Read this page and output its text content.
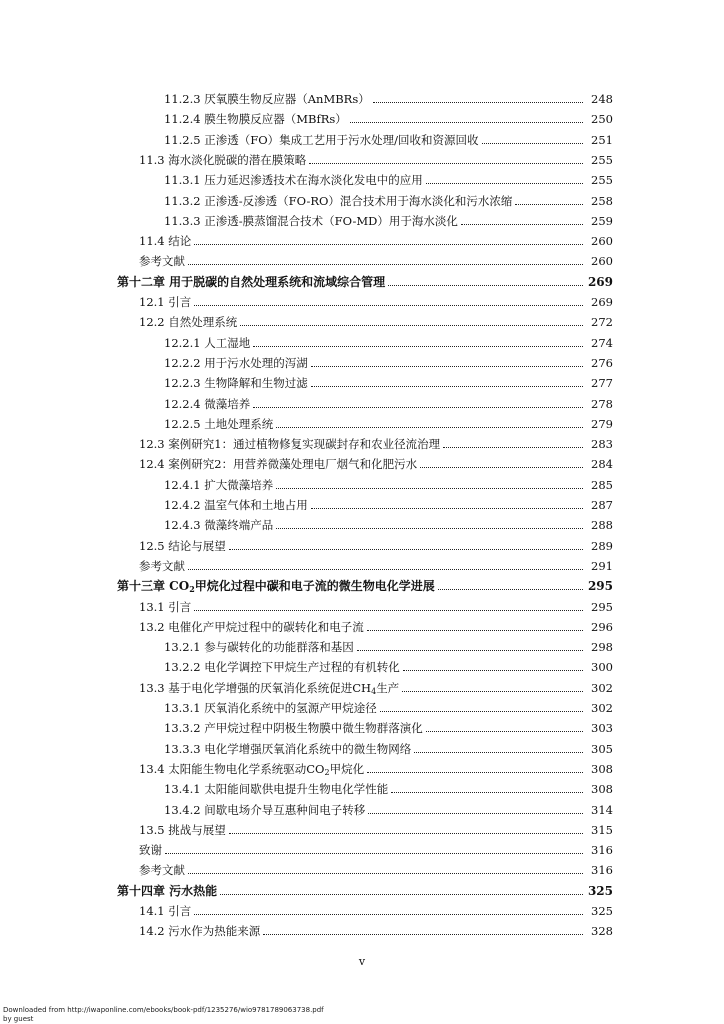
11.2.3 厌氧膜生物反应器（AnMBRs）	248
11.2.4 膜生物膜反应器（MBfRs）	250
11.2.5 正渗透（FO）集成工艺用于污水处理/回收和资源回收	251
11.3 海水淡化脱碳的潜在膜策略	255
11.3.1 压力延迟渗透技术在海水淡化发电中的应用	255
11.3.2 正渗透-反渗透（FO-RO）混合技术用于海水淡化和污水浓缩	258
11.3.3 正渗透-膜蒸馏混合技术（FO-MD）用于海水淡化	259
11.4 结论	260
参考文献	260
第十二章 用于脱碳的自然处理系统和流域综合管理	269
12.1 引言	269
12.2 自然处理系统	272
12.2.1 人工湿地	274
12.2.2 用于污水处理的泻湖	276
12.2.3 生物降解和生物过滤	277
12.2.4 微藻培养	278
12.2.5 土地处理系统	279
12.3 案例研究1：通过植物修复实现碳封存和农业径流治理	283
12.4 案例研究2：用营养微藻处理电厂烟气和化肥污水	284
12.4.1 扩大微藻培养	285
12.4.2 温室气体和土地占用	287
12.4.3 微藻终端产品	288
12.5 结论与展望	289
参考文献	291
第十三章 $CO_2$甲烷化过程中碳和电子流的微生物电化学进展	295
13.1 引言	295
13.2 电催化产甲烷过程中的碳转化和电子流	296
13.2.1 参与碳转化的功能群落和基因	298
13.2.2 电化学调控下甲烷生产过程的有机转化	300
13.3 基于电化学增强的厌氧消化系统促进$CH_4$生产	302
13.3.1 厌氧消化系统中的氢源产甲烷途径	302
13.3.2 产甲烷过程中阴极生物膜中微生物群落演化	303
13.3.3 电化学增强厌氧消化系统中的微生物网络	305
13.4 太阳能生物电化学系统驱动$CO_2$甲烷化	308
13.4.1 太阳能间歇供电提升生物电化学性能	308
13.4.2 间歇电场介导互惠种间电子转移	314
13.5 挑战与展望	315
致谢	316
参考文献	316
第十四章 污水热能	325
14.1 引言	325
14.2 污水作为热能来源	328
v
Downloaded from http://iwaponline.com/ebooks/book-pdf/1235276/wio9781789063738.pdf
by guest
